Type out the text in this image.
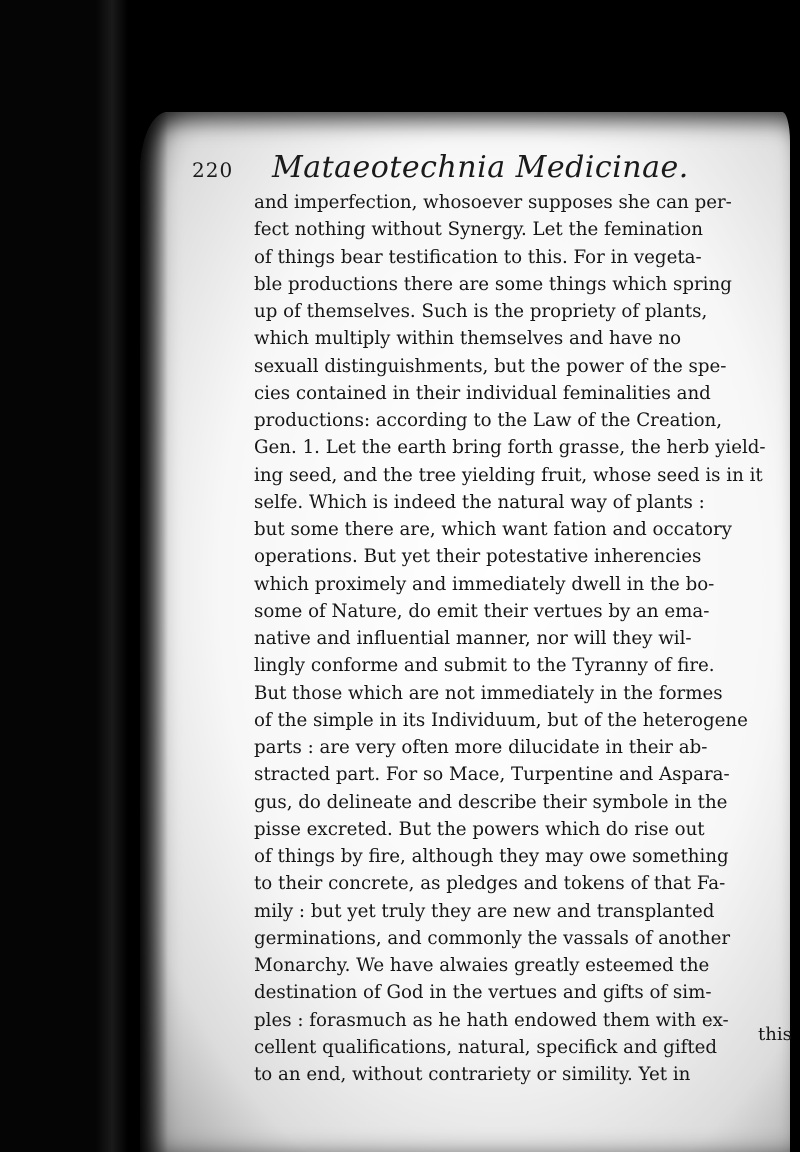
220 Mataeotechnia Medicinae.
and imperfection, whosoever supposes she can per-
fect nothing without Synergy. Let the femination
of things bear testification to this. For in vegeta-
ble productions there are some things which spring
up of themselves. Such is the propriety of plants,
which multiply within themselves and have no
sexuall distinguishments, but the power of the spe-
cies contained in their individual feminalities and
productions: according to the Law of the Creation,
Gen. 1. Let the earth bring forth grasse, the herb yield-
ing seed, and the tree yielding fruit, whose seed is in it
selfe. Which is indeed the natural way of plants :
but some there are, which want fation and occatory
operations. But yet their potestative inherencies
which proximely and immediately dwell in the bo-
some of Nature, do emit their vertues by an ema-
native and influential manner, nor will they wil-
lingly conforme and submit to the Tyranny of fire.
But those which are not immediately in the formes
of the simple in its Individuum, but of the heterogene
parts : are very often more dilucidate in their ab-
stracted part. For so Mace, Turpentine and Aspara-
gus, do delineate and describe their symbole in the
pisse excreted. But the powers which do rise out
of things by fire, although they may owe something
to their concrete, as pledges and tokens of that Fa-
mily : but yet truly they are new and transplanted
germinations, and commonly the vassals of another
Monarchy. We have alwaies greatly esteemed the
destination of God in the vertues and gifts of sim-
ples : forasmuch as he hath endowed them with ex-
cellent qualifications, natural, specifick and gifted
to an end, without contrariety or simility. Yet in
this
